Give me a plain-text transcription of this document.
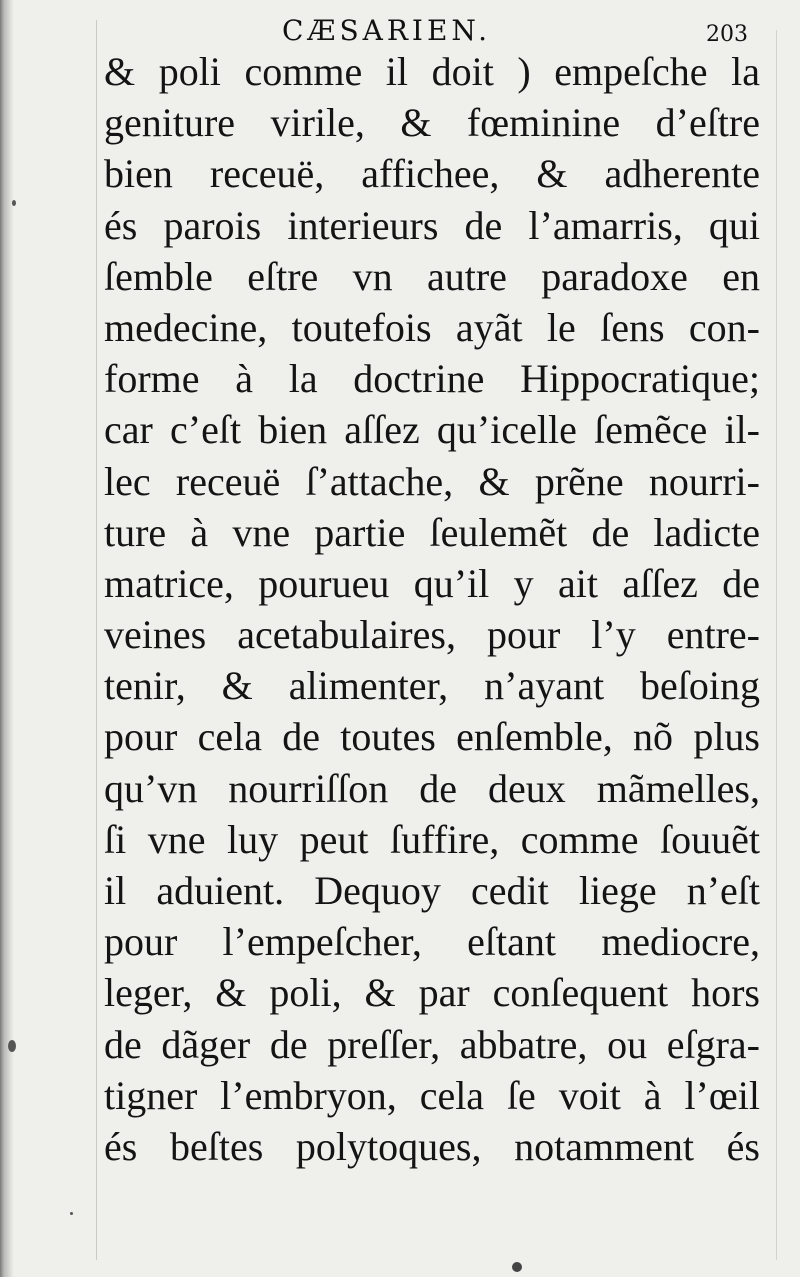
CÆSARIEN.	203
& poli comme il doit ) empeſche la
geniture virile, & fœminine d’eſtre
bien receuë, affichee, & adherente
és parois interieurs de l’amarris, qui
ſemble eſtre vn autre paradoxe en
medecine, toutefois ayãt le ſens con-
forme à la doctrine Hippocratique;
car c’eſt bien aſſez qu’icelle ſemẽce il-
lec receuë ſ’attache, & prẽne nourri-
ture à vne partie ſeulemẽt de ladicte
matrice, pourueu qu’il y ait aſſez de
veines acetabulaires, pour l’y entre-
tenir, & alimenter, n’ayant beſoing
pour cela de toutes enſemble, nõ plus
qu’vn nourriſſon de deux mãmelles,
ſi vne luy peut ſuffire, comme ſouuẽt
il aduient. Dequoy cedit liege n’eſt
pour l’empeſcher, eſtant mediocre,
leger, & poli, & par conſequent hors
de dãger de preſſer, abbatre, ou eſgra-
tigner l’embryon, cela ſe voit à l’œil
és beſtes polytoques, notamment és
